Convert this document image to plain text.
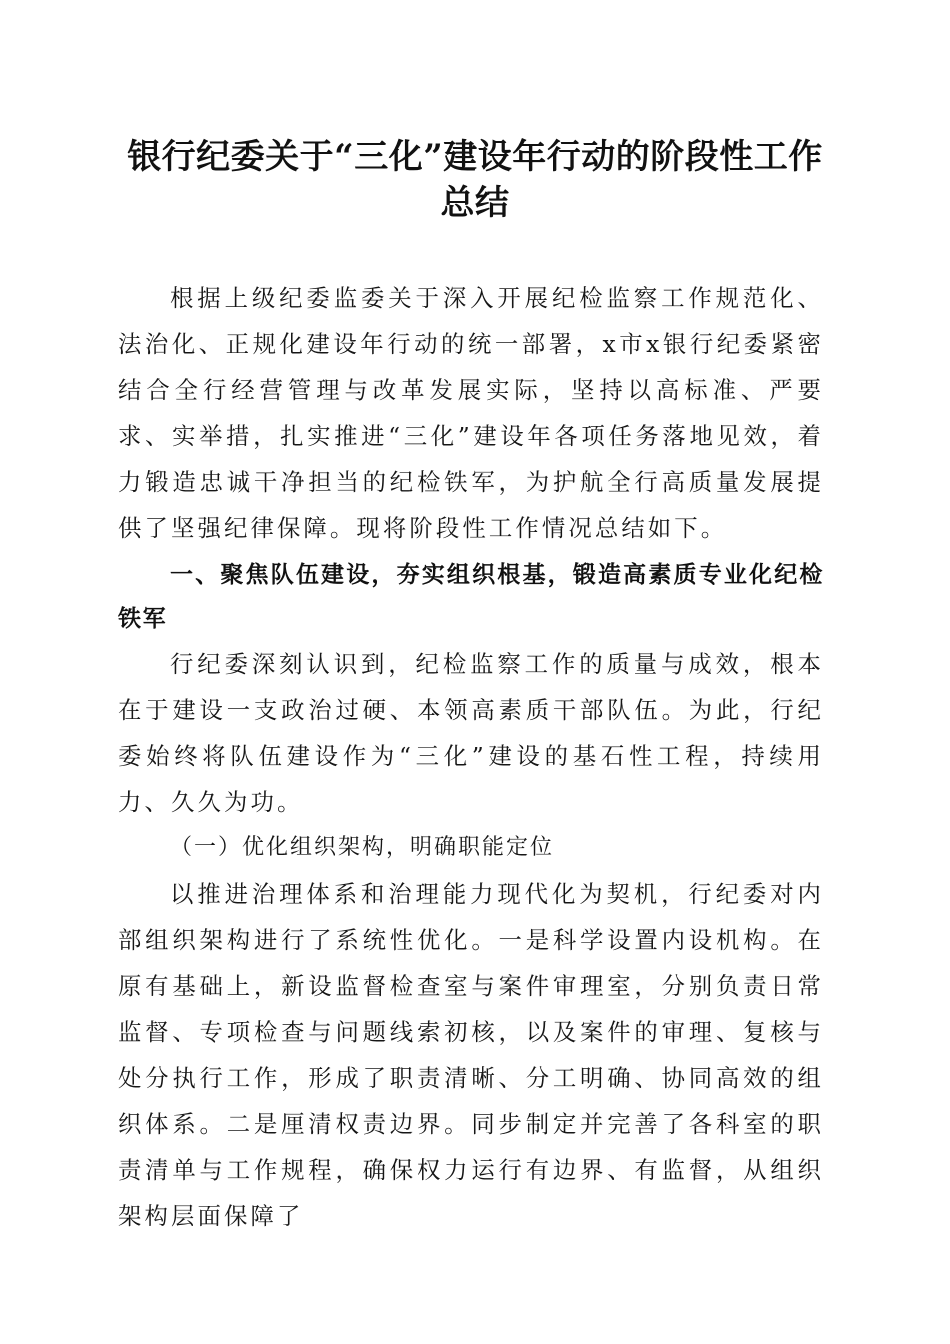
银行纪委关于“三化”建设年行动的阶段性工作总结

根据上级纪委监委关于深入开展纪检监察工作规范化、法治化、正规化建设年行动的统一部署，x市x银行纪委紧密结合全行经营管理与改革发展实际，坚持以高标准、严要求、实举措，扎实推进“三化”建设年各项任务落地见效，着力锻造忠诚干净担当的纪检铁军，为护航全行高质量发展提供了坚强纪律保障。现将阶段性工作情况总结如下。

一、聚焦队伍建设，夯实组织根基，锻造高素质专业化纪检铁军

行纪委深刻认识到，纪检监察工作的质量与成效，根本在于建设一支政治过硬、本领高素质干部队伍。为此，行纪委始终将队伍建设作为“三化”建设的基石性工程，持续用力、久久为功。

（一）优化组织架构，明确职能定位

以推进治理体系和治理能力现代化为契机，行纪委对内部组织架构进行了系统性优化。一是科学设置内设机构。在原有基础上，新设监督检查室与案件审理室，分别负责日常监督、专项检查与问题线索初核，以及案件的审理、复核与处分执行工作，形成了职责清晰、分工明确、协同高效的组织体系。二是厘清权责边界。同步制定并完善了各科室的职责清单与工作规程，确保权力运行有边界、有监督，从组织架构层面保障了
